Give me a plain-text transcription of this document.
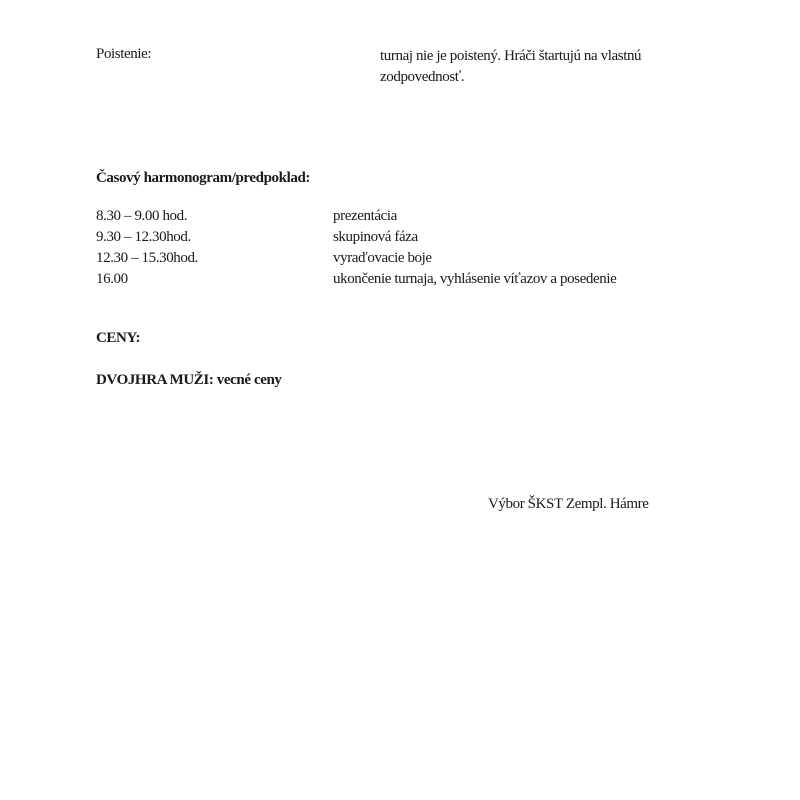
Poistenie:	turnaj nie je poistený. Hráči štartujú na vlastnú zodpovednosť.
Časový harmonogram/predpoklad:
8.30 – 9.00 hod.	prezentácia
9.30 – 12.30hod.	skupinová fáza
12.30 – 15.30hod.	vyraďovacie boje
16.00	ukončenie turnaja, vyhlásenie víťazov a posedenie
CENY:
DVOJHRA MUŽI: vecné ceny
Výbor ŠKST Zempl. Hámre
